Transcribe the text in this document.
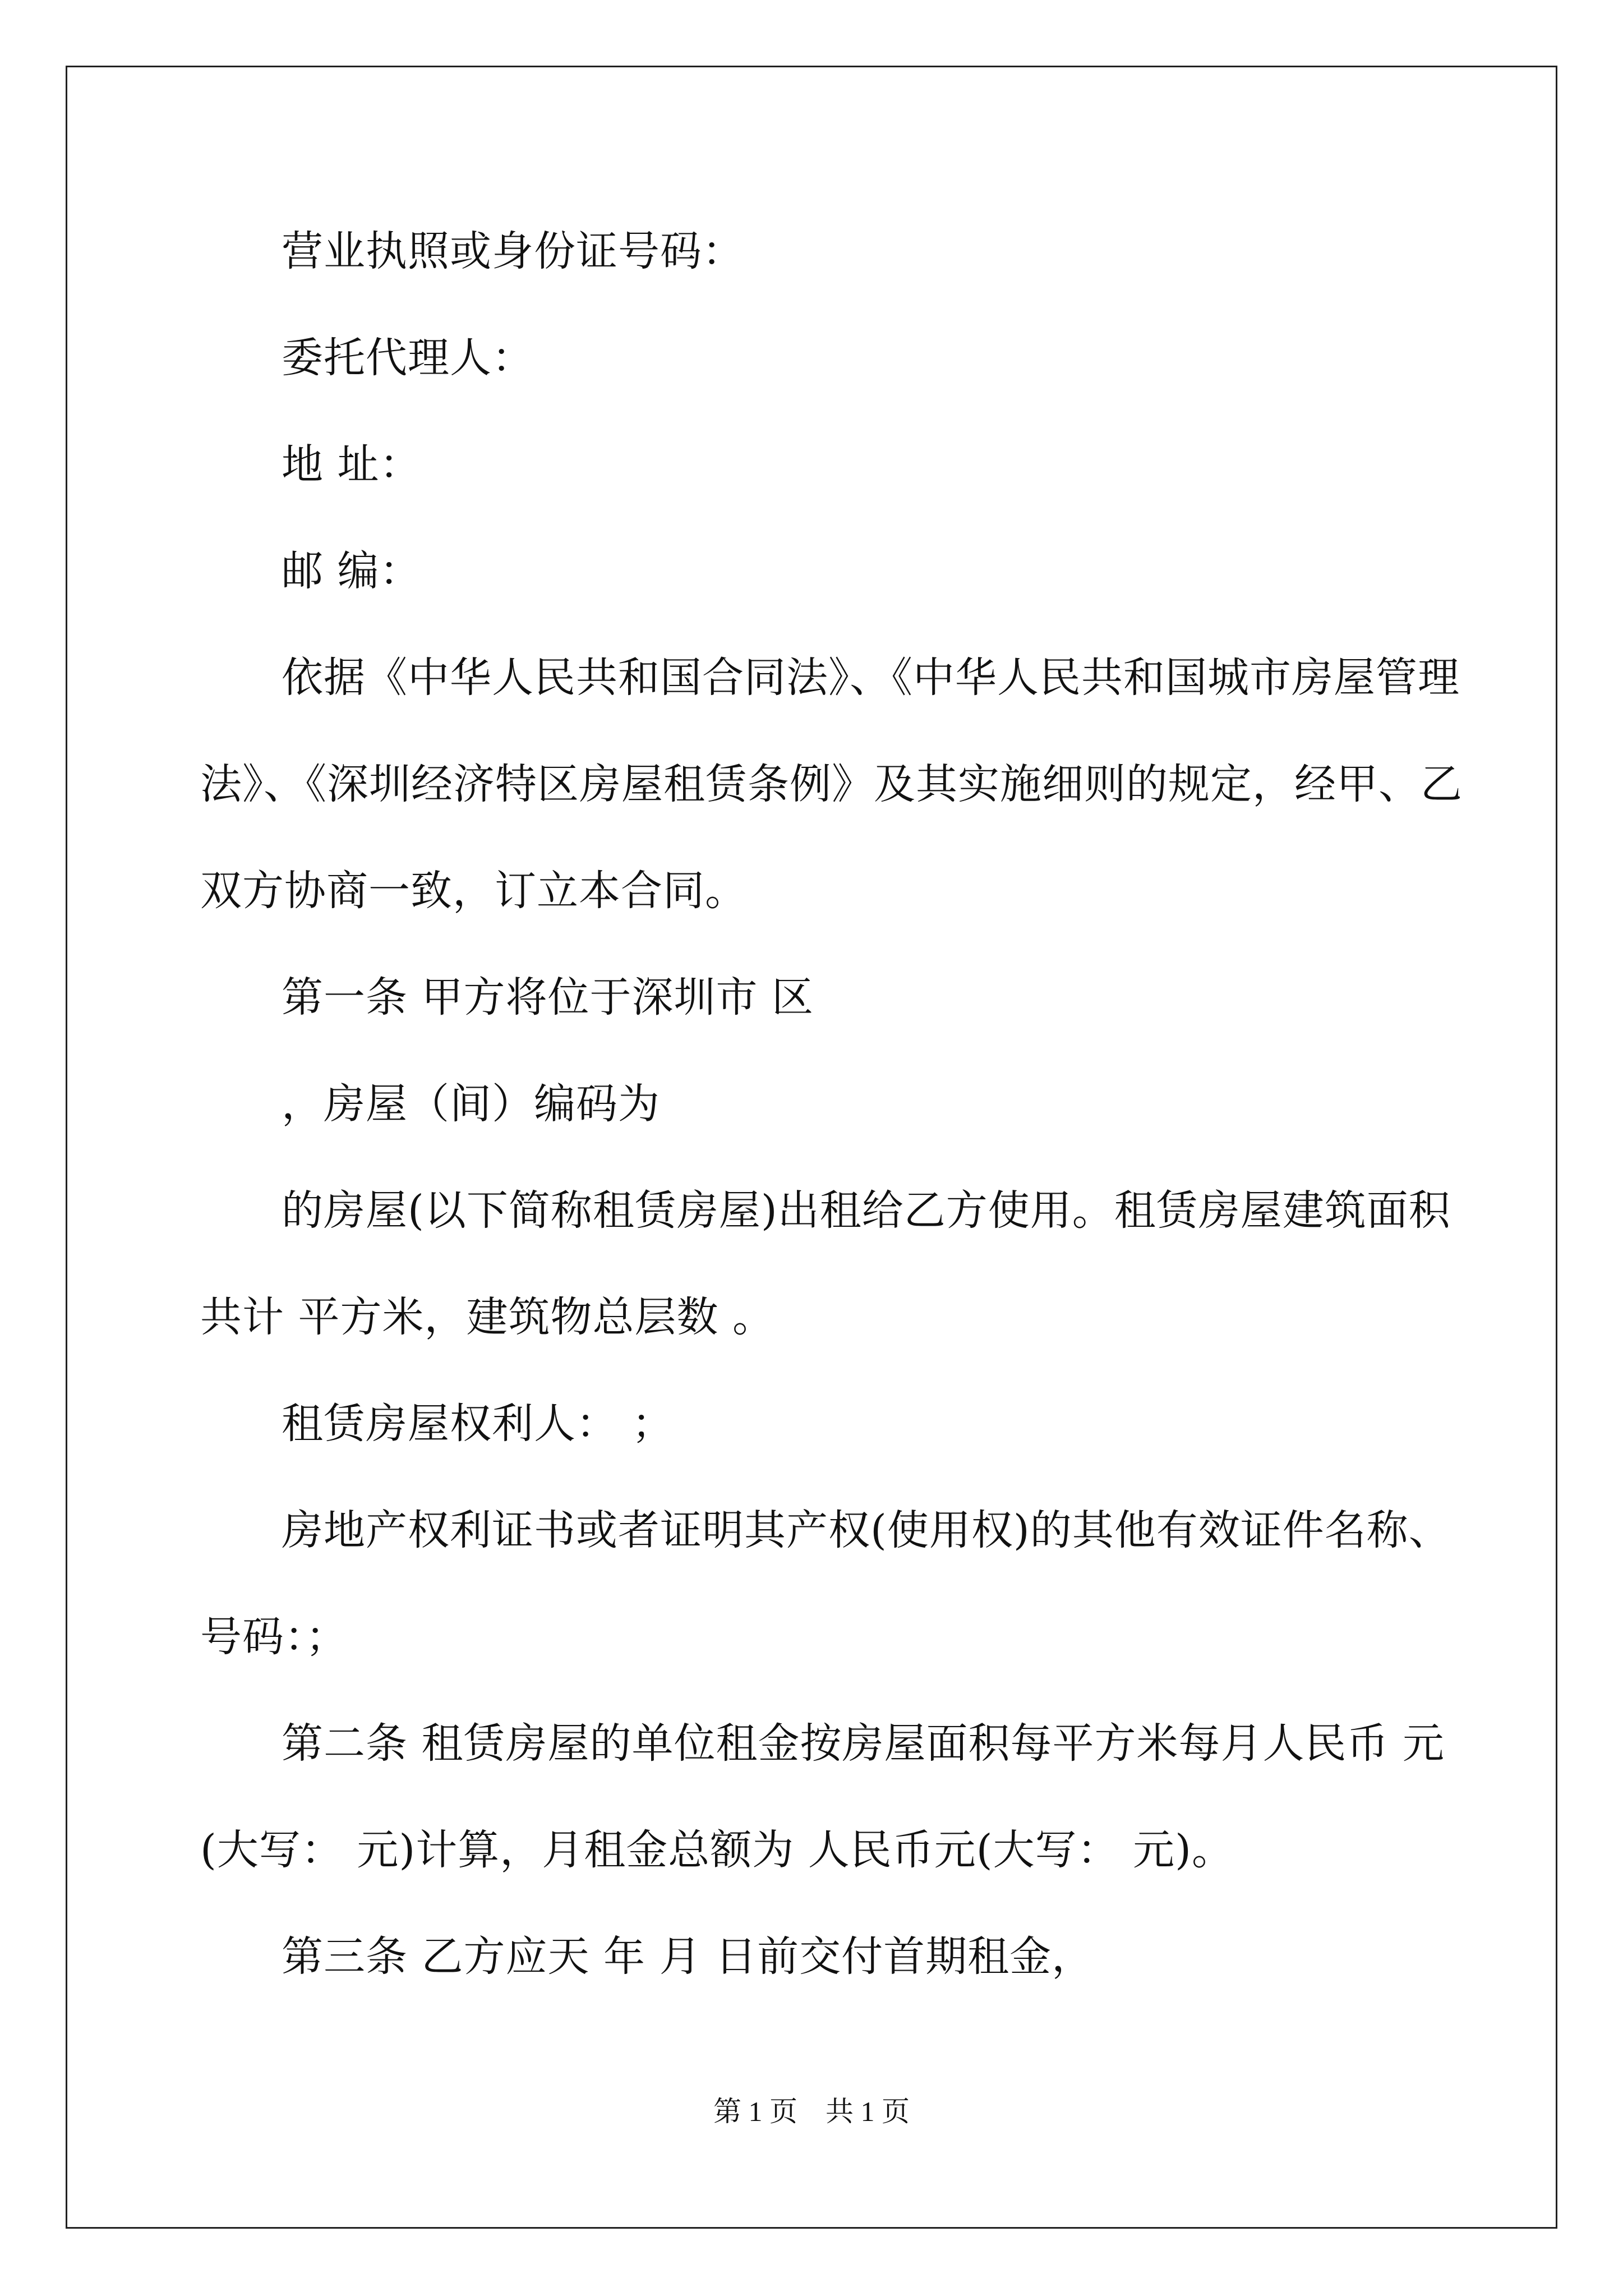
营业执照或身份证号码：
委托代理人：
地 址：
邮 编：
依据《中华人民共和国合同法》、《中华人民共和国城市房屋管理
法》、《深圳经济特区房屋租赁条例》及其实施细则的规定，经甲、乙
双方协商一致，订立本合同。
第一条 甲方将位于深圳市 区
，房屋（间）编码为
的房屋(以下简称租赁房屋)出租给乙方使用。租赁房屋建筑面积
共计 平方米，建筑物总层数 。
租赁房屋权利人： ；
房地产权利证书或者证明其产权(使用权)的其他有效证件名称、
号码：；
第二条 租赁房屋的单位租金按房屋面积每平方米每月人民币 元
(大写： 元)计算，月租金总额为 人民币元(大写： 元)。
第三条 乙方应天 年 月 日前交付首期租金，
第 1 页    共 1 页
